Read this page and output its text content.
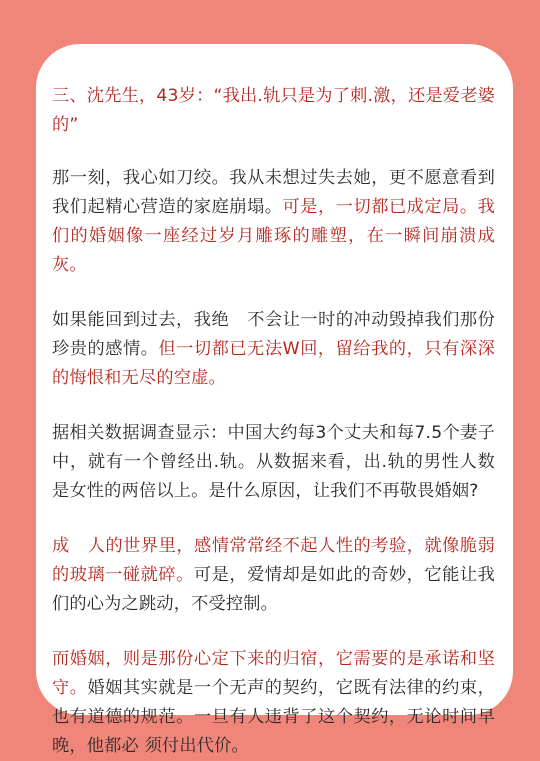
三、沈先生，43岁：“我出.轨只是为了刺.激，还是爱老婆的”

那一刻，我心如刀绞。我从未想过失去她，更不愿意看到我们起精心营造的家庭崩塌。可是，一切都已成定局。我们的婚姻像一座经过岁月雕琢的雕塑，在一瞬间崩溃成灰。

如果能回到过去，我绝   不会让一时的冲动毁掉我们那份珍贵的感情。但一切都已无法W回，留给我的，只有深深的悔恨和无尽的空虚。

据相关数据调查显示：中国大约每3个丈夫和每7.5个妻子中，就有一个曾经出.轨。从数据来看，出.轨的男性人数是女性的两倍以上。是什么原因，让我们不再敬畏婚姻?

成   人的世界里，感情常常经不起人性的考验，就像脆弱的玻璃一碰就碎。可是，爱情却是如此的奇妙，它能让我们的心为之跳动，不受控制。

而婚姻，则是那份心定下来的归宿，它需要的是承诺和坚守。婚姻其实就是一个无声的契约，它既有法律的约束，也有道德的规范。一旦有人违背了这个契约，无论时间早晚，他都必 须付出代价。
